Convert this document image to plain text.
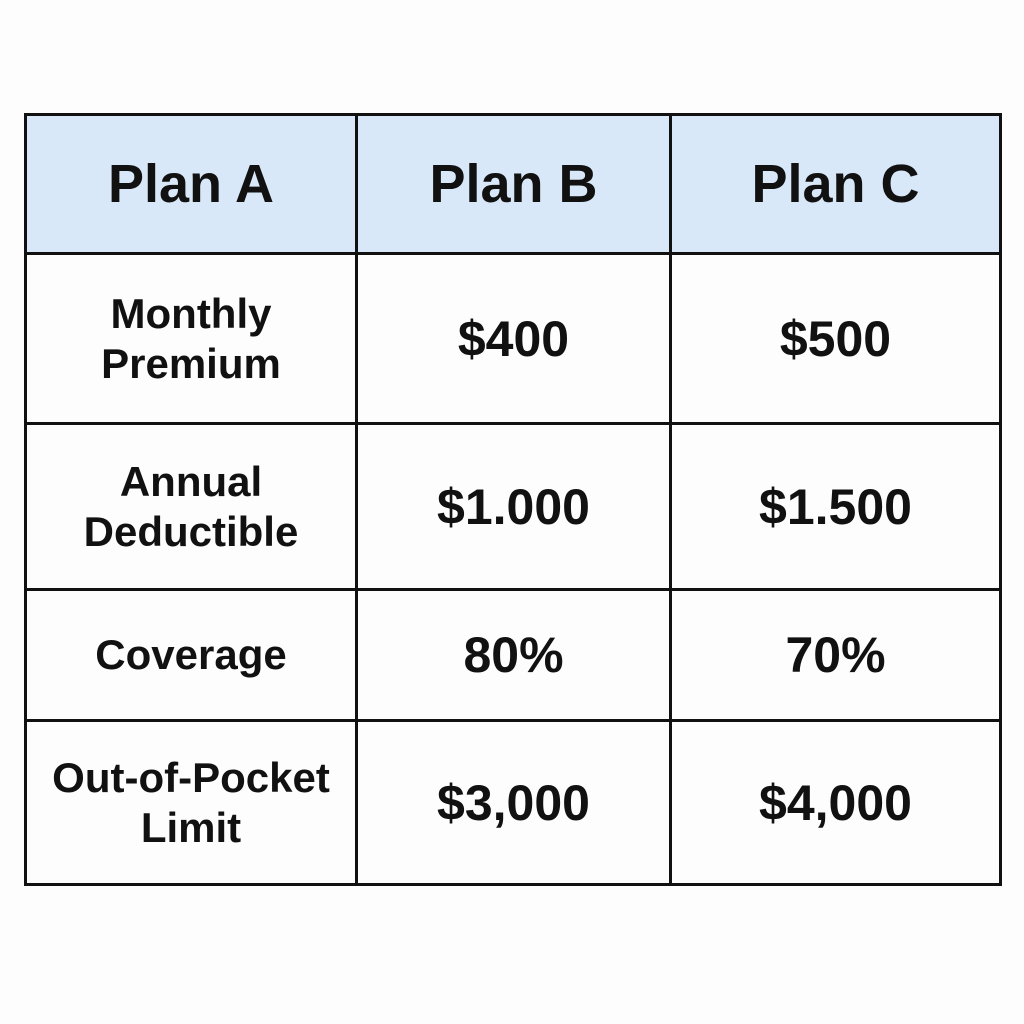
Plan A	Plan B	Plan C
Monthly
Premium	$400	$500
Annual
Deductible	$1.000	$1.500
Coverage	80%	70%
Out-of-Pocket
Limit	$3,000	$4,000
